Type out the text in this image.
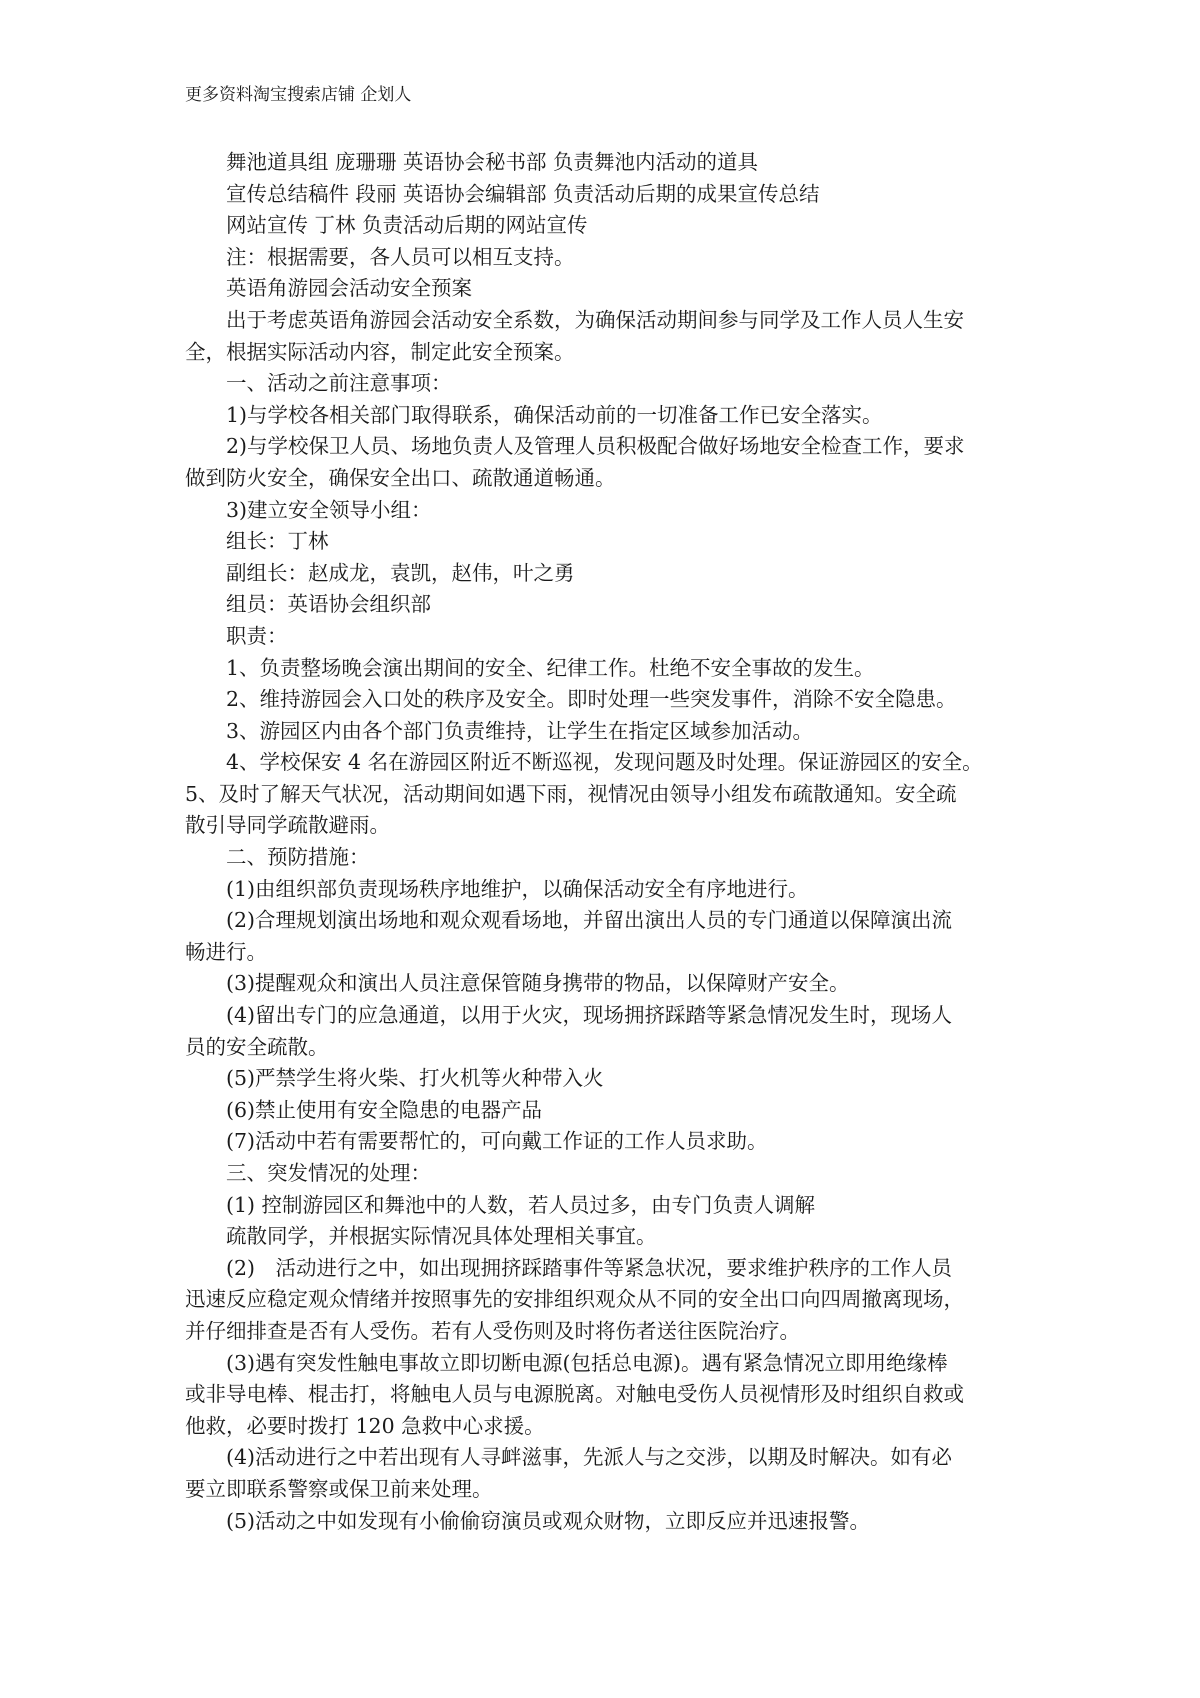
更多资料淘宝搜索店铺 企划人
舞池道具组 庞珊珊 英语协会秘书部 负责舞池内活动的道具
宣传总结稿件 段丽 英语协会编辑部 负责活动后期的成果宣传总结
网站宣传 丁林 负责活动后期的网站宣传
注：根据需要，各人员可以相互支持。
英语角游园会活动安全预案
出于考虑英语角游园会活动安全系数，为确保活动期间参与同学及工作人员人生安
全，根据实际活动内容，制定此安全预案。
一、活动之前注意事项：
1)与学校各相关部门取得联系，确保活动前的一切准备工作已安全落实。
2)与学校保卫人员、场地负责人及管理人员积极配合做好场地安全检查工作，要求
做到防火安全，确保安全出口、疏散通道畅通。
3)建立安全领导小组：
组长：丁林
副组长：赵成龙，袁凯，赵伟，叶之勇
组员：英语协会组织部
职责：
1、负责整场晚会演出期间的安全、纪律工作。杜绝不安全事故的发生。
2、维持游园会入口处的秩序及安全。即时处理一些突发事件，消除不安全隐患。
3、游园区内由各个部门负责维持，让学生在指定区域参加活动。
4、学校保安 4 名在游园区附近不断巡视，发现问题及时处理。保证游园区的安全。
5、及时了解天气状况，活动期间如遇下雨，视情况由领导小组发布疏散通知。安全疏
散引导同学疏散避雨。
二、预防措施：
(1)由组织部负责现场秩序地维护，以确保活动安全有序地进行。
(2)合理规划演出场地和观众观看场地，并留出演出人员的专门通道以保障演出流
畅进行。
(3)提醒观众和演出人员注意保管随身携带的物品，以保障财产安全。
(4)留出专门的应急通道，以用于火灾，现场拥挤踩踏等紧急情况发生时，现场人
员的安全疏散。
(5)严禁学生将火柴、打火机等火种带入火
(6)禁止使用有安全隐患的电器产品
(7)活动中若有需要帮忙的，可向戴工作证的工作人员求助。
三、突发情况的处理：
(1) 控制游园区和舞池中的人数，若人员过多，由专门负责人调解
疏散同学，并根据实际情况具体处理相关事宜。
(2)　活动进行之中，如出现拥挤踩踏事件等紧急状况，要求维护秩序的工作人员
迅速反应稳定观众情绪并按照事先的安排组织观众从不同的安全出口向四周撤离现场，
并仔细排查是否有人受伤。若有人受伤则及时将伤者送往医院治疗。
(3)遇有突发性触电事故立即切断电源(包括总电源)。遇有紧急情况立即用绝缘棒
或非导电棒、棍击打，将触电人员与电源脱离。对触电受伤人员视情形及时组织自救或
他救，必要时拨打 120 急救中心求援。
(4)活动进行之中若出现有人寻衅滋事，先派人与之交涉，以期及时解决。如有必
要立即联系警察或保卫前来处理。
(5)活动之中如发现有小偷偷窃演员或观众财物，立即反应并迅速报警。
